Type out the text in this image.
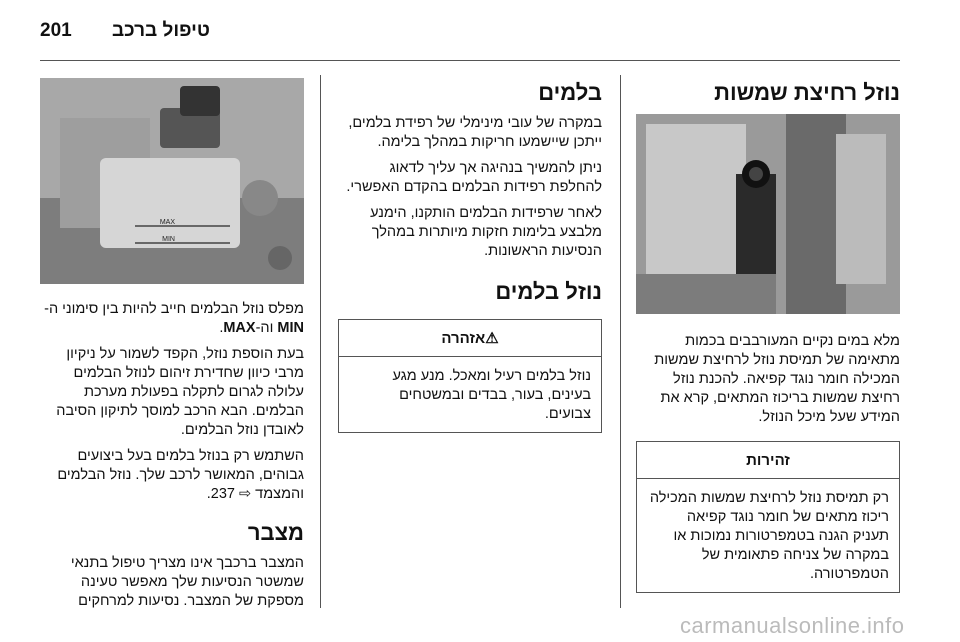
201 טיפול ברכב
נוזל רחיצת שמשות

מלא במים נקיים המעורבבים בכמות מתאימה של תמיסת נוזל לרחיצת שמשות המכילה חומר נוגד קפיאה. להכנת נוזל רחיצת שמשות בריכוז המתאים, קרא את המידע שעל מיכל הנוזל.

זהירות
רק תמיסת נוזל לרחיצת שמשות המכילה ריכוז מתאים של חומר נוגד קפיאה תעניק הגנה בטמפרטורות נמוכות או במקרה של צניחה פתאומית של הטמפרטורה.
בלמים

במקרה של עובי מינימלי של רפידת בלמים, ייתכן שיישמעו חריקות במהלך בלימה.

ניתן להמשיך בנהיגה אך עליך לדאוג להחלפת רפידות הבלמים בהקדם האפשרי.

לאחר שרפידות הבלמים הותקנו, הימנע מלבצע בלימות חזקות מיותרות במהלך הנסיעות הראשונות.

נוזל בלמים
⚠אזהרה
נוזל בלמים רעיל ומאכל. מנע מגע בעינים, בעור, בבדים ובמשטחים צבועים.
MAX
MIN

מפלס נוזל הבלמים חייב להיות בין סימוני ה-MIN וה-MAX.

בעת הוספת נוזל, הקפד לשמור על ניקיון מרבי כיוון שחדירת זיהום לנוזל הבלמים עלולה לגרום לתקלה בפעולת מערכת הבלמים. הבא הרכב למוסך לתיקון הסיבה לאובדן נוזל הבלמים.

השתמש רק בנוזל בלמים בעל ביצועים גבוהים, המאושר לרכב שלך. נוזל הבלמים והמצמד ⇨ 237.

מצבר

המצבר ברכבך אינו מצריך טיפול בתנאי שמשטר הנסיעות שלך מאפשר טעינה מספקת של המצבר. נסיעות למרחקים

carmanualsonline.info
